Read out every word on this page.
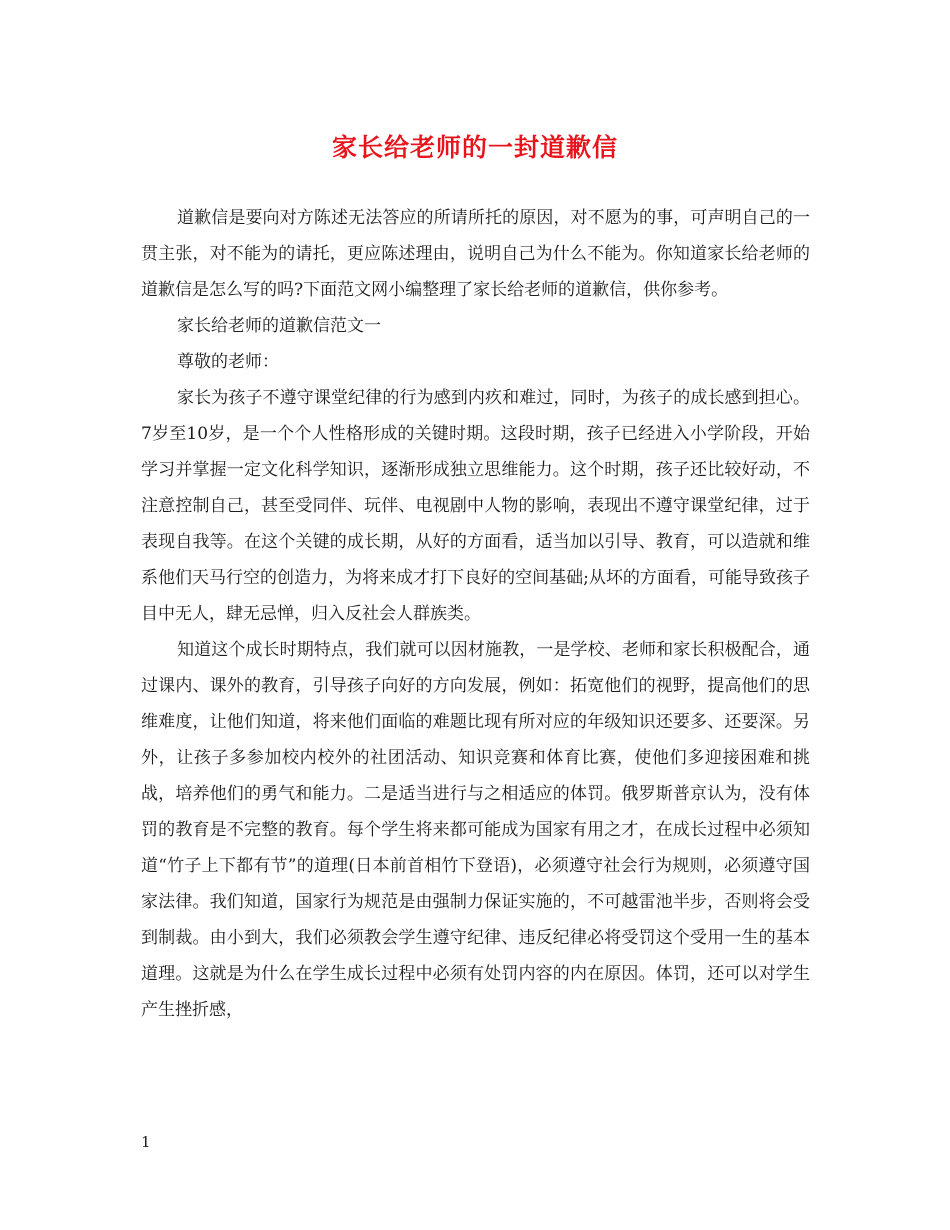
家长给老师的一封道歉信

道歉信是要向对方陈述无法答应的所请所托的原因，对不愿为的事，可声明自己的一贯主张，对不能为的请托，更应陈述理由，说明自己为什么不能为。你知道家长给老师的道歉信是怎么写的吗?下面范文网小编整理了家长给老师的道歉信，供你参考。

家长给老师的道歉信范文一

尊敬的老师：

家长为孩子不遵守课堂纪律的行为感到内疚和难过，同时，为孩子的成长感到担心。 7岁至10岁，是一个个人性格形成的关键时期。这段时期，孩子已经进入小学阶段，开始学习并掌握一定文化科学知识，逐渐形成独立思维能力。这个时期，孩子还比较好动，不注意控制自己，甚至受同伴、玩伴、电视剧中人物的影响，表现出不遵守课堂纪律，过于表现自我等。在这个关键的成长期，从好的方面看，适当加以引导、教育，可以造就和维系他们天马行空的创造力，为将来成才打下良好的空间基础;从坏的方面看，可能导致孩子目中无人，肆无忌惮，归入反社会人群族类。

知道这个成长时期特点，我们就可以因材施教，一是学校、老师和家长积极配合，通过课内、课外的教育，引导孩子向好的方向发展，例如：拓宽他们的视野，提高他们的思维难度，让他们知道，将来他们面临的难题比现有所对应的年级知识还要多、还要深。另外，让孩子多参加校内校外的社团活动、知识竞赛和体育比赛，使他们多迎接困难和挑战，培养他们的勇气和能力。二是适当进行与之相适应的体罚。俄罗斯普京认为，没有体罚的教育是不完整的教育。每个学生将来都可能成为国家有用之才，在成长过程中必须知道“竹子上下都有节”的道理(日本前首相竹下登语)，必须遵守社会行为规则，必须遵守国家法律。我们知道，国家行为规范是由强制力保证实施的，不可越雷池半步，否则将会受到制裁。由小到大，我们必须教会学生遵守纪律、违反纪律必将受罚这个受用一生的基本道理。这就是为什么在学生成长过程中必须有处罚内容的内在原因。体罚，还可以对学生产生挫折感，

1
